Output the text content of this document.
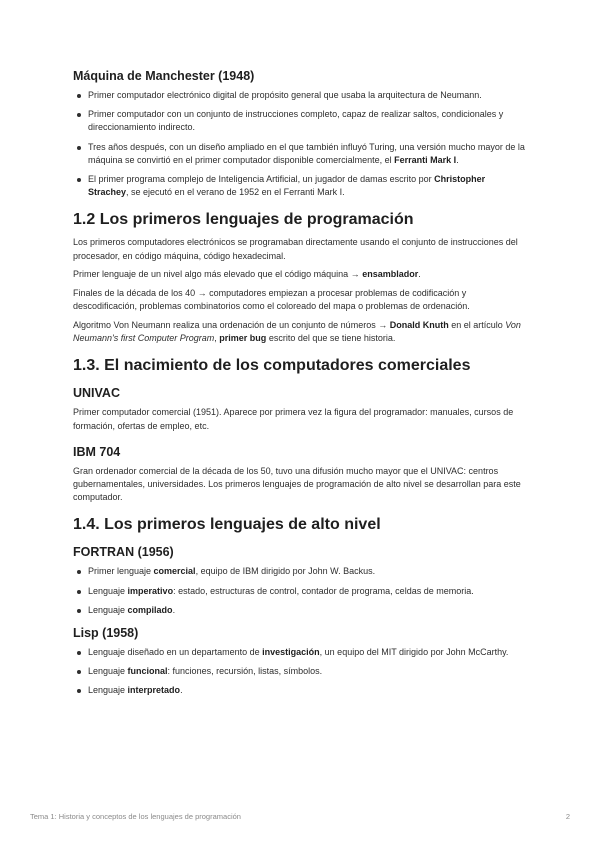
Máquina de Manchester (1948)
Primer computador electrónico digital de propósito general que usaba la arquitectura de Neumann.
Primer computador con un conjunto de instrucciones completo, capaz de realizar saltos, condicionales y direccionamiento indirecto.
Tres años después, con un diseño ampliado en el que también influyó Turing, una versión mucho mayor de la máquina se convirtió en el primer computador disponible comercialmente, el Ferranti Mark I.
El primer programa complejo de Inteligencia Artificial, un jugador de damas escrito por Christopher Strachey, se ejecutó en el verano de 1952 en el Ferranti Mark I.
1.2 Los primeros lenguajes de programación

Los primeros computadores electrónicos se programaban directamente usando el conjunto de instrucciones del procesador, en código máquina, código hexadecimal.

Primer lenguaje de un nivel algo más elevado que el código máquina → ensamblador.

Finales de la década de los 40 → computadores empiezan a procesar problemas de codificación y descodificación, problemas combinatorios como el coloreado del mapa o problemas de ordenación.

Algoritmo Von Neumann realiza una ordenación de un conjunto de números → Donald Knuth en el artículo Von Neumann's first Computer Program, primer bug escrito del que se tiene historia.

1.3. El nacimiento de los computadores comerciales
UNIVAC

Primer computador comercial (1951). Aparece por primera vez la figura del programador: manuales, cursos de formación, ofertas de empleo, etc.

IBM 704

Gran ordenador comercial de la década de los 50, tuvo una difusión mucho mayor que el UNIVAC: centros gubernamentales, universidades. Los primeros lenguajes de programación de alto nivel se desarrollan para este computador.

1.4. Los primeros lenguajes de alto nivel
FORTRAN (1956)
Primer lenguaje comercial, equipo de IBM dirigido por John W. Backus.
Lenguaje imperativo: estado, estructuras de control, contador de programa, celdas de memoria.
Lenguaje compilado.
Lisp (1958)
Lenguaje diseñado en un departamento de investigación, un equipo del MIT dirigido por John McCarthy.
Lenguaje funcional: funciones, recursión, listas, símbolos.
Lenguaje interpretado.
Tema 1: Historia y conceptos de los lenguajes de programación	2
